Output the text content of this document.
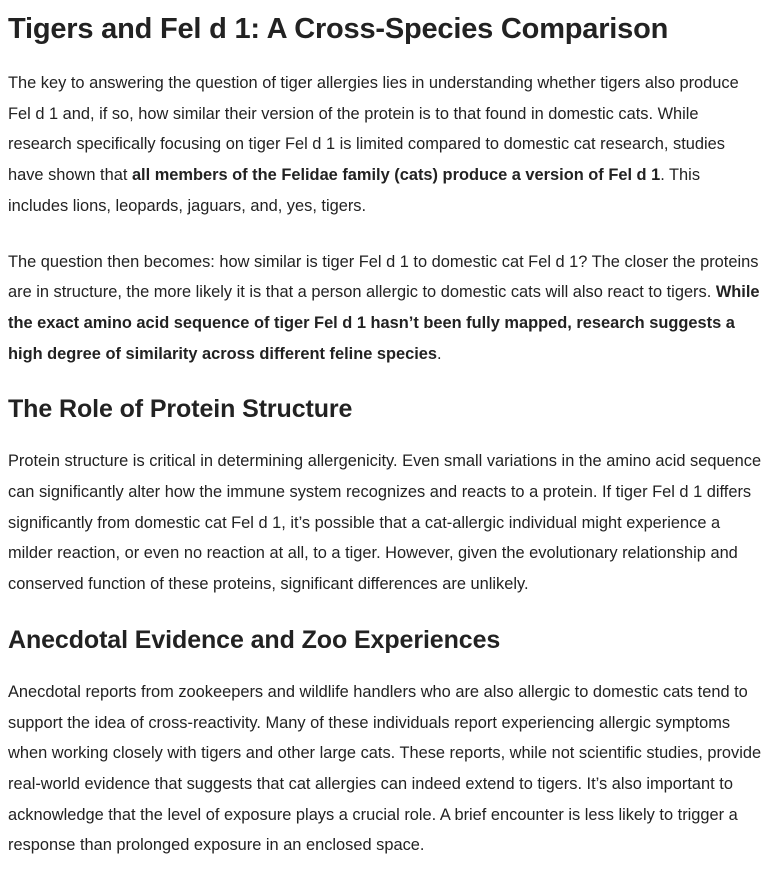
Tigers and Fel d 1: A Cross-Species Comparison

The key to answering the question of tiger allergies lies in understanding whether tigers also produce Fel d 1 and, if so, how similar their version of the protein is to that found in domestic cats. While research specifically focusing on tiger Fel d 1 is limited compared to domestic cat research, studies have shown that all members of the Felidae family (cats) produce a version of Fel d 1. This includes lions, leopards, jaguars, and, yes, tigers.

The question then becomes: how similar is tiger Fel d 1 to domestic cat Fel d 1? The closer the proteins are in structure, the more likely it is that a person allergic to domestic cats will also react to tigers. While the exact amino acid sequence of tiger Fel d 1 hasn’t been fully mapped, research suggests a high degree of similarity across different feline species.

The Role of Protein Structure

Protein structure is critical in determining allergenicity. Even small variations in the amino acid sequence can significantly alter how the immune system recognizes and reacts to a protein. If tiger Fel d 1 differs significantly from domestic cat Fel d 1, it’s possible that a cat-allergic individual might experience a milder reaction, or even no reaction at all, to a tiger. However, given the evolutionary relationship and conserved function of these proteins, significant differences are unlikely.

Anecdotal Evidence and Zoo Experiences

Anecdotal reports from zookeepers and wildlife handlers who are also allergic to domestic cats tend to support the idea of cross-reactivity. Many of these individuals report experiencing allergic symptoms when working closely with tigers and other large cats. These reports, while not scientific studies, provide real-world evidence that suggests that cat allergies can indeed extend to tigers. It’s also important to acknowledge that the level of exposure plays a crucial role. A brief encounter is less likely to trigger a response than prolonged exposure in an enclosed space.
